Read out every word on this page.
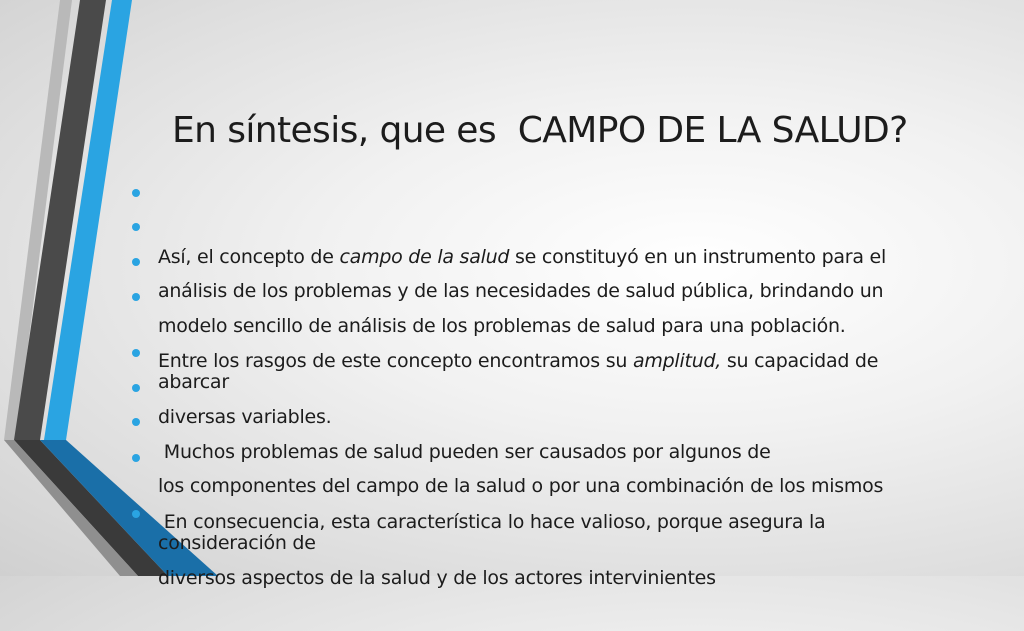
En síntesis, que es  CAMPO DE LA SALUD?

Así, el concepto de campo de la salud se constituyó en un instrumento para el

análisis de los problemas y de las necesidades de salud pública, brindando un

modelo sencillo de análisis de los problemas de salud para una población.

Entre los rasgos de este concepto encontramos su amplitud, su capacidad de abarcar

diversas variables.

Muchos problemas de salud pueden ser causados por algunos de

los componentes del campo de la salud o por una combinación de los mismos

En consecuencia, esta característica lo hace valioso, porque asegura la consideración de

diversos aspectos de la salud y de los actores intervinientes
